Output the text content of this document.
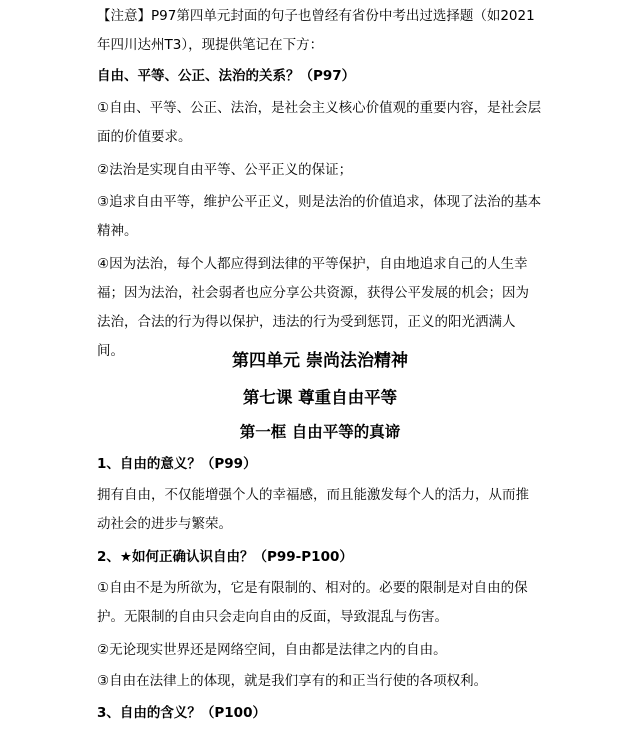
【注意】P97第四单元封面的句子也曾经有省份中考出过选择题（如2021年四川达州T3），现提供笔记在下方：

自由、平等、公正、法治的关系？（P97）

①自由、平等、公正、法治，是社会主义核心价值观的重要内容，是社会层面的价值要求。

②法治是实现自由平等、公平正义的保证；

③追求自由平等，维护公平正义，则是法治的价值追求，体现了法治的基本精神。

④因为法治，每个人都应得到法律的平等保护，自由地追求自己的人生幸福；因为法治，社会弱者也应分享公共资源，获得公平发展的机会；因为法治，合法的行为得以保护，违法的行为受到惩罚，正义的阳光洒满人间。	第四单元 崇尚法治精神

第七课 尊重自由平等

第一框 自由平等的真谛

1、自由的意义？（P99）

拥有自由，不仅能增强个人的幸福感，而且能激发每个人的活力，从而推动社会的进步与繁荣。

2、★如何正确认识自由？（P99-P100）

①自由不是为所欲为，它是有限制的、相对的。必要的限制是对自由的保护。无限制的自由只会走向自由的反面，导致混乱与伤害。

②无论现实世界还是网络空间，自由都是法律之内的自由。

③自由在法律上的体现，就是我们享有的和正当行使的各项权利。

3、自由的含义？（P100）
